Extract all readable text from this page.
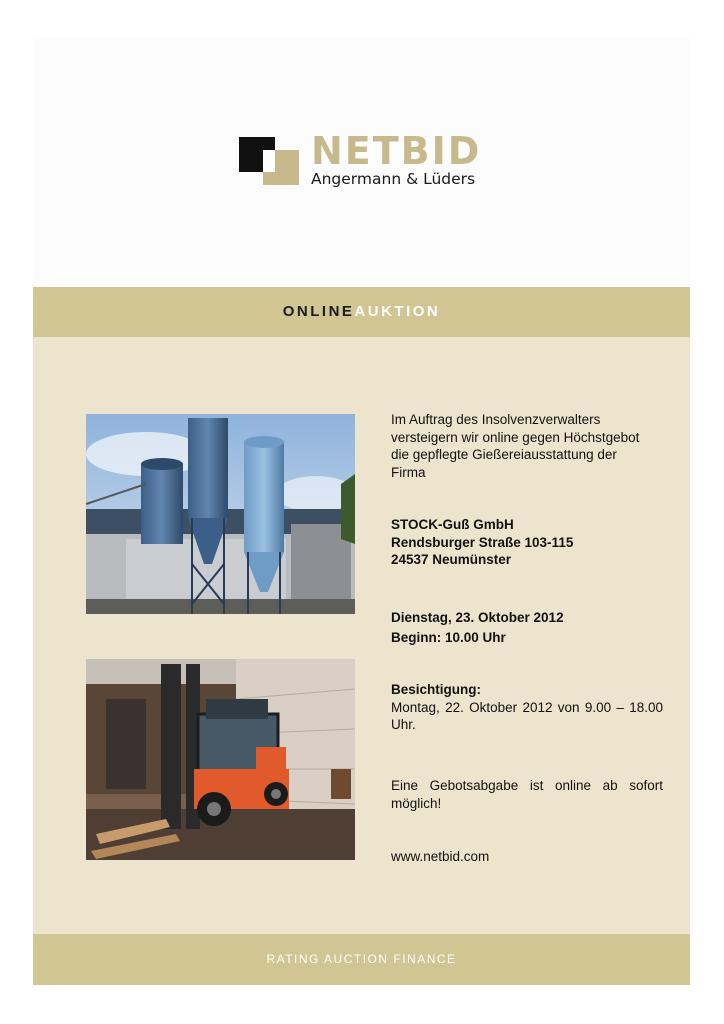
NETBID
Angermann & Lüders
ONLINEAUKTION
Im Auftrag des Insolvenzverwalters
versteigern wir online gegen Höchstgebot
die gepflegte Gießereiausstattung der
Firma
STOCK-Guß GmbH
Rendsburger Straße 103-115
24537 Neumünster
Dienstag, 23. Oktober 2012
Beginn: 10.00 Uhr
Besichtigung:
Montag, 22. Oktober 2012 von 9.00 – 18.00 Uhr.
Eine Gebotsabgabe ist online ab sofort möglich!
www.netbid.com
RATING AUCTION FINANCE
